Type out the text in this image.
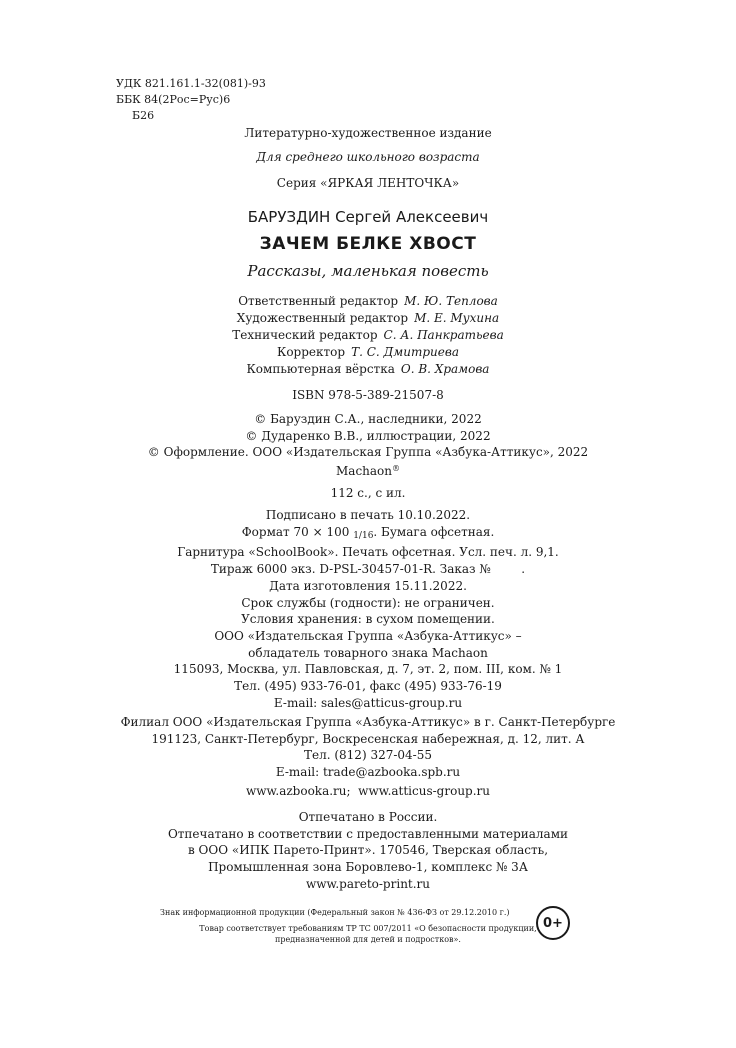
УДК 821.161.1-32(081)-93
ББК 84(2Рос=Рус)6
Б26
Литературно-художественное издание
Для среднего школьного возраста
Серия «ЯРКАЯ ЛЕНТОЧКА»
БАРУЗДИН Сергей Алексеевич
ЗАЧЕМ БЕЛКЕ ХВОСТ
Рассказы, маленькая повесть
Ответственный редактор М. Ю. Теплова
Художественный редактор М. Е. Мухина
Технический редактор С. А. Панкратьева
Корректор Т. С. Дмитриева
Компьютерная вёрстка О. В. Храмова
ISBN 978-5-389-21507-8
© Баруздин С.А., наследники, 2022
© Дударенко В.В., иллюстрации, 2022
© Оформление. ООО «Издательская Группа «Азбука-Аттикус», 2022
Machaon®
112 с., с ил.
Подписано в печать 10.10.2022.
Формат 70 × 100 1/16. Бумага офсетная.
Гарнитура «SchoolBook». Печать офсетная. Усл. печ. л. 9,1.
Тираж 6000 экз. D-PSL-30457-01-R. Заказ №        .
Дата изготовления 15.11.2022.
Срок службы (годности): не ограничен.
Условия хранения: в сухом помещении.
ООО «Издательская Группа «Азбука-Аттикус» –
обладатель товарного знака Machaon
115093, Москва, ул. Павловская, д. 7, эт. 2, пом. III, ком. № 1
Тел. (495) 933-76-01, факс (495) 933-76-19
E-mail: sales@atticus-group.ru
Филиал ООО «Издательская Группа «Азбука-Аттикус» в г. Санкт-Петербурге
191123, Санкт-Петербург, Воскресенская набережная, д. 12, лит. А
Тел. (812) 327-04-55
E-mail: trade@azbooka.spb.ru
www.azbooka.ru;  www.atticus-group.ru
Отпечатано в России.
Отпечатано в соответствии с предоставленными материалами
в ООО «ИПК Парето-Принт». 170546, Тверская область,
Промышленная зона Боровлево-1, комплекс № 3А
www.pareto-print.ru
Знак информационной продукции (Федеральный закон № 436-ФЗ от 29.12.2010 г.)
0+
Товар соответствует требованиям ТР ТС 007/2011 «О безопасности продукции,
предназначенной для детей и подростков».
